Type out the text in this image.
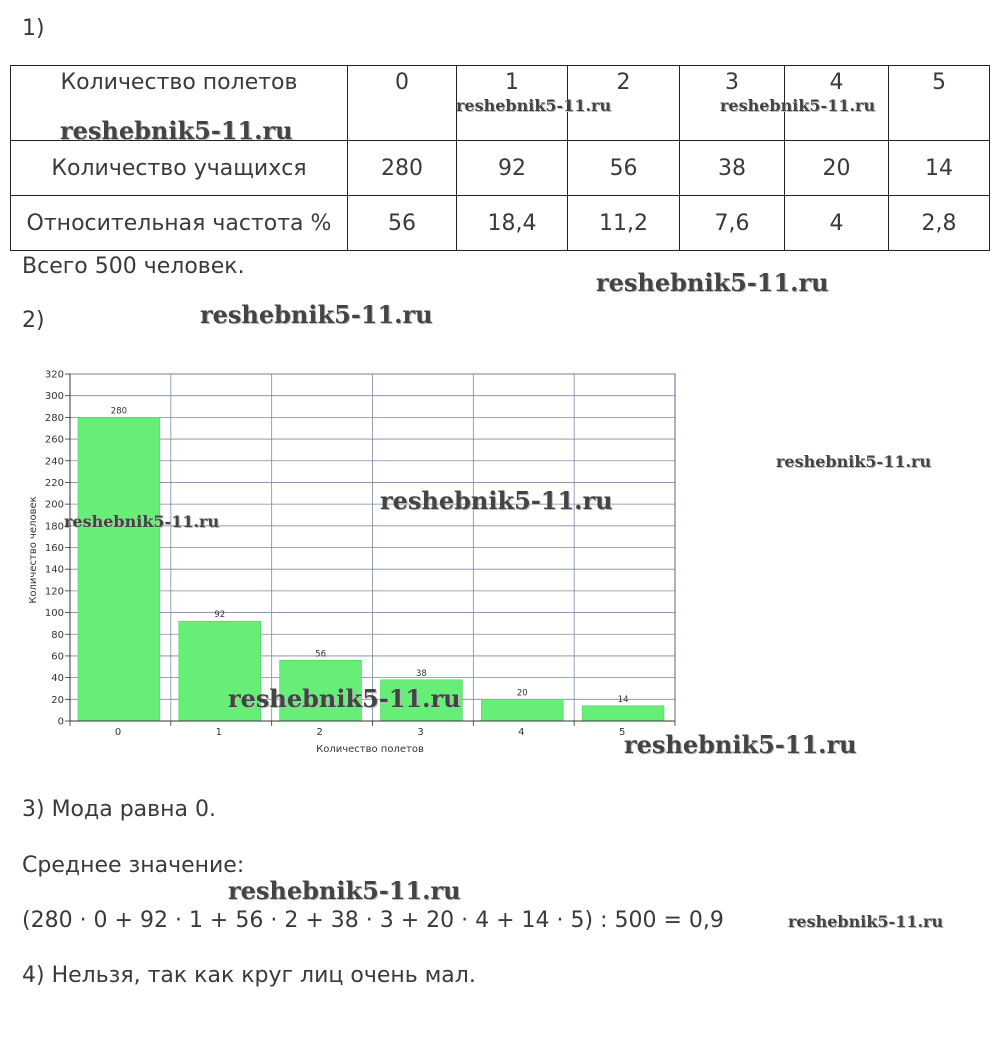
1)
Количество полетов	0	1	2	3	4	5
Количество учащихся	280	92	56	38	20	14
Относительная частота %	56	18,4	11,2	7,6	4	2,8
Всего 500 человек.
2)
280
92
56
38
20
14
0
20
40
60
80
100
120
140
160
180
200
220
240
260
280
300
320
0	1	2	3	4	5
Количество человек
Количество полетов
3) Мода равна 0.
Среднее значение:
(280 · 0 + 92 · 1 + 56 · 2 + 38 · 3 + 20 · 4 + 14 · 5) : 500 = 0,9
4) Нельзя, так как круг лиц очень мал.
reshebnik5-11.ru
reshebnik5-11.ru	reshebnik5-11.ru
reshebnik5-11.ru
reshebnik5-11.ru
reshebnik5-11.ru
reshebnik5-11.ru
reshebnik5-11.ru
reshebnik5-11.ru
reshebnik5-11.ru
reshebnik5-11.ru
reshebnik5-11.ru
